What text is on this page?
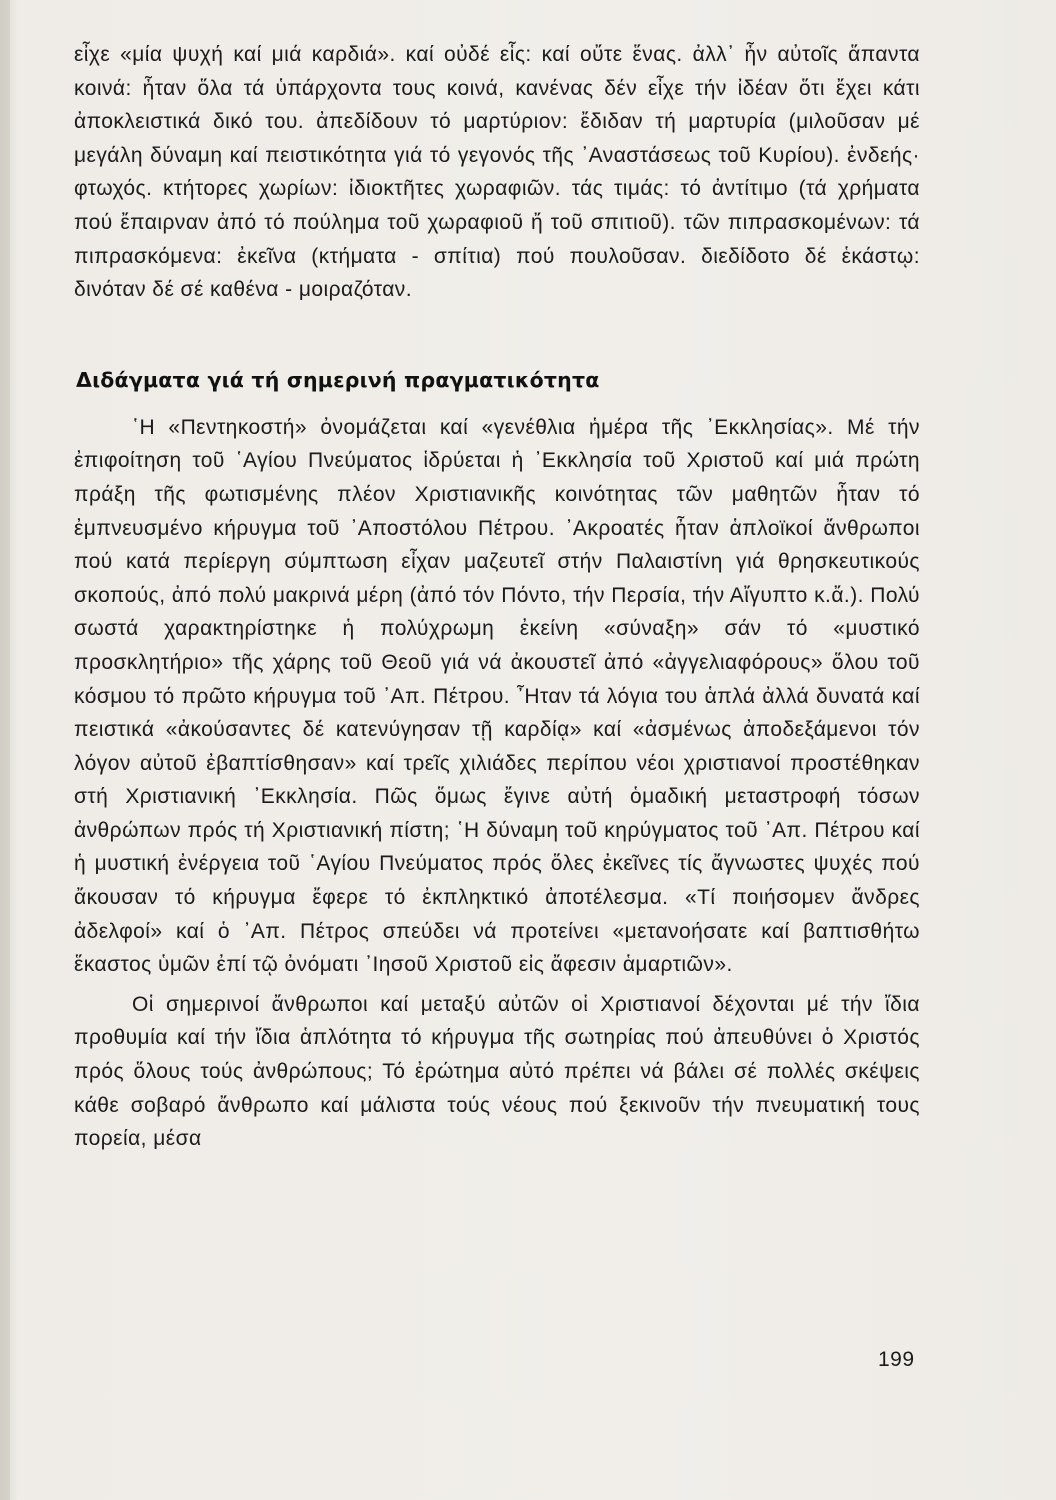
εἶχε «μία ψυχή καί μιά καρδιά». καί οὐδέ εἷς: καί οὔτε ἕνας. ἀλλ᾽ ἦν αὐτοῖς ἅπαντα κοινά: ἦταν ὅλα τά ὑπάρχοντα τους κοινά, κανένας δέν εἶχε τήν ἰδέαν ὅτι ἔχει κάτι ἀποκλειστικά δικό του. ἀπεδίδουν τό μαρτύριον: ἔδιδαν τή μαρτυρία (μιλοῦσαν μέ μεγάλη δύναμη καί πειστικότητα γιά τό γεγονός τῆς ᾽Αναστάσεως τοῦ Κυρίου). ἐνδεής· φτωχός. κτήτορες χωρίων: ἰδιοκτῆτες χωραφιῶν. τάς τιμάς: τό ἀντίτιμο (τά χρήματα πού ἔπαιρναν ἀπό τό πούλημα τοῦ χωραφιοῦ ἤ τοῦ σπιτιοῦ). τῶν πιπρασκομένων: τά πιπρασκόμενα: ἐκεῖνα (κτήματα - σπίτια) πού πουλοῦσαν. διεδίδοτο δέ ἑκάστῳ: δινόταν δέ σέ καθένα - μοιραζόταν.

Διδάγματα γιά τή σημερινή πραγματικότητα

῾Η «Πεντηκοστή» ὀνομάζεται καί «γενέθλια ἡμέρα τῆς ᾽Εκκλησίας». Μέ τήν ἐπιφοίτηση τοῦ ῾Αγίου Πνεύματος ἱδρύεται ἡ ᾽Εκκλησία τοῦ Χριστοῦ καί μιά πρώτη πράξη τῆς φωτισμένης πλέον Χριστιανικῆς κοινότητας τῶν μαθητῶν ἦταν τό ἐμπνευσμένο κήρυγμα τοῦ ᾽Αποστόλου Πέτρου. ᾽Ακροατές ἦταν ἁπλοϊκοί ἄνθρωποι πού κατά περίεργη σύμπτωση εἶχαν μαζευτεῖ στήν Παλαιστίνη γιά θρησκευτικούς σκοπούς, ἀπό πολύ μακρινά μέρη (ἀπό τόν Πόντο, τήν Περσία, τήν Αἴγυπτο κ.ἄ.). Πολύ σωστά χαρακτηρίστηκε ἡ πολύχρωμη ἐκείνη «σύναξη» σάν τό «μυστικό προσκλητήριο» τῆς χάρης τοῦ Θεοῦ γιά νά ἀκουστεῖ ἀπό «ἀγγελιαφόρους» ὅλου τοῦ κόσμου τό πρῶτο κήρυγμα τοῦ ᾽Απ. Πέτρου. ῏Ηταν τά λόγια του ἁπλά ἀλλά δυνατά καί πειστικά «ἀκούσαντες δέ κατενύγησαν τῇ καρδίᾳ» καί «ἀσμένως ἀποδεξάμενοι τόν λόγον αὐτοῦ ἐβαπτίσθησαν» καί τρεῖς χιλιάδες περίπου νέοι χριστιανοί προστέθηκαν στή Χριστιανική ᾽Εκκλησία. Πῶς ὅμως ἔγινε αὐτή ὁμαδική μεταστροφή τόσων ἀνθρώπων πρός τή Χριστιανική πίστη; ῾Η δύναμη τοῦ κηρύγματος τοῦ ᾽Απ. Πέτρου καί ἡ μυστική ἐνέργεια τοῦ ῾Αγίου Πνεύματος πρός ὅλες ἐκεῖνες τίς ἄγνωστες ψυχές πού ἄκουσαν τό κήρυγμα ἔφερε τό ἐκπληκτικό ἀποτέλεσμα. «Τί ποιήσομεν ἄνδρες ἀδελφοί» καί ὁ ᾽Απ. Πέτρος σπεύδει νά προτείνει «μετανοήσατε καί βαπτισθήτω ἕκαστος ὑμῶν ἐπί τῷ ὀνόματι ᾽Ιησοῦ Χριστοῦ εἰς ἄφεσιν ἁμαρτιῶν».

Οἱ σημερινοί ἄνθρωποι καί μεταξύ αὐτῶν οἱ Χριστιανοί δέχονται μέ τήν ἴδια προθυμία καί τήν ἴδια ἁπλότητα τό κήρυγμα τῆς σωτηρίας πού ἀπευθύνει ὁ Χριστός πρός ὅλους τούς ἀνθρώπους; Τό ἐρώτημα αὐτό πρέπει νά βάλει σέ πολλές σκέψεις κάθε σοβαρό ἄνθρωπο καί μάλιστα τούς νέους πού ξεκινοῦν τήν πνευματική τους πορεία, μέσα

199
